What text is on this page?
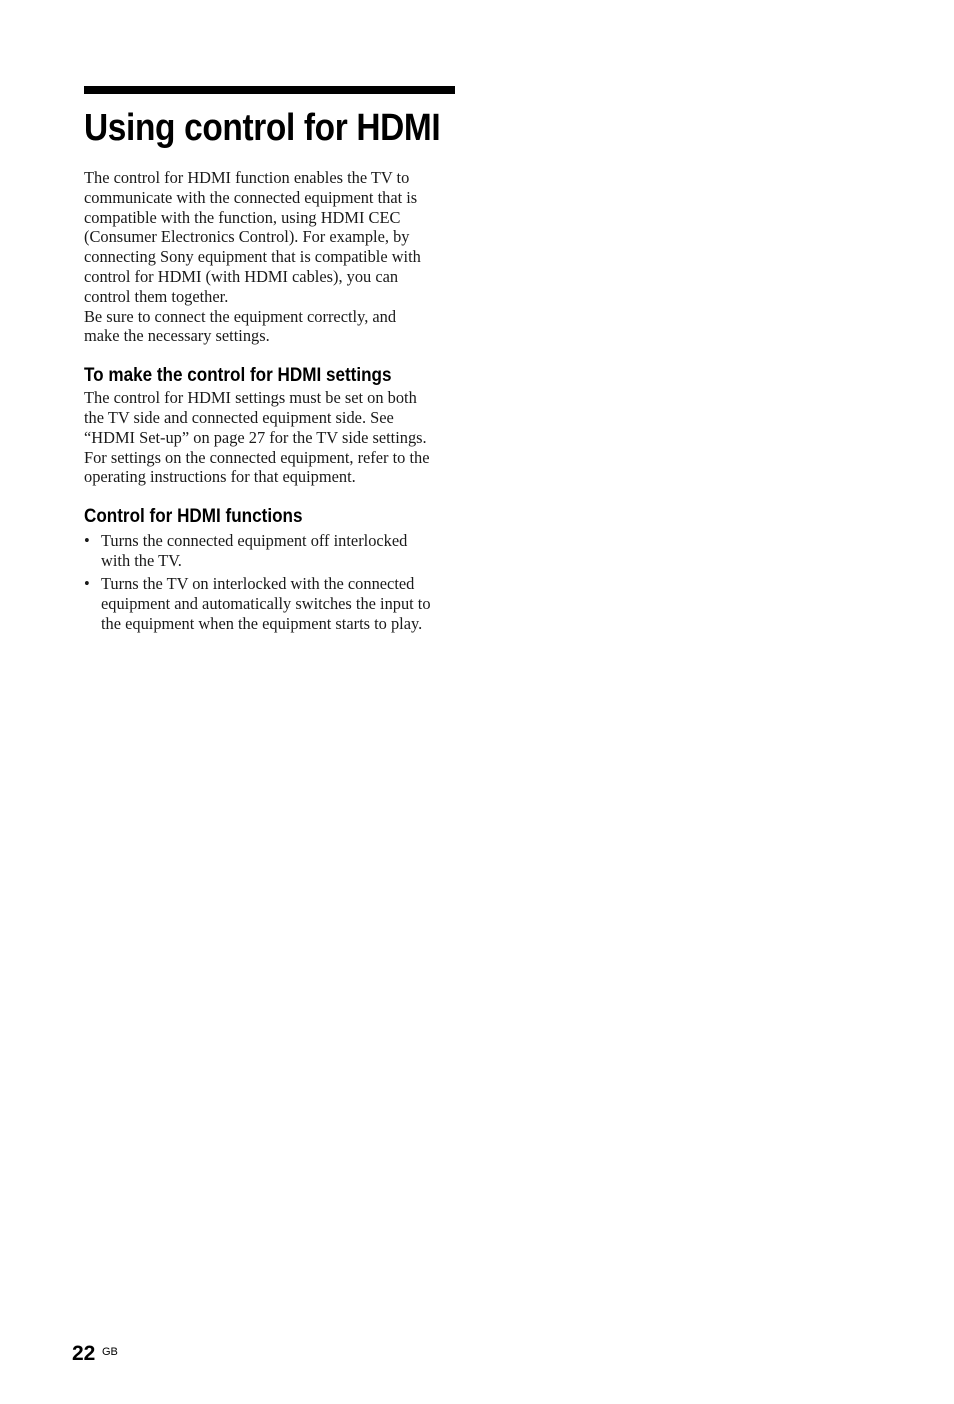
Using control for HDMI

The control for HDMI function enables the TV to

communicate with the connected equipment that is

compatible with the function, using HDMI CEC

(Consumer Electronics Control). For example, by

connecting Sony equipment that is compatible with

control for HDMI (with HDMI cables), you can

control them together.

Be sure to connect the equipment correctly, and

make the necessary settings.

To make the control for HDMI settings

The control for HDMI settings must be set on both

the TV side and connected equipment side. See

“HDMI Set-up” on page 27 for the TV side settings.

For settings on the connected equipment, refer to the

operating instructions for that equipment.

Control for HDMI functions
• Turns the connected equipment off interlocked
with the TV.
• Turns the TV on interlocked with the connected
equipment and automatically switches the input to
the equipment when the equipment starts to play.
22 GB
